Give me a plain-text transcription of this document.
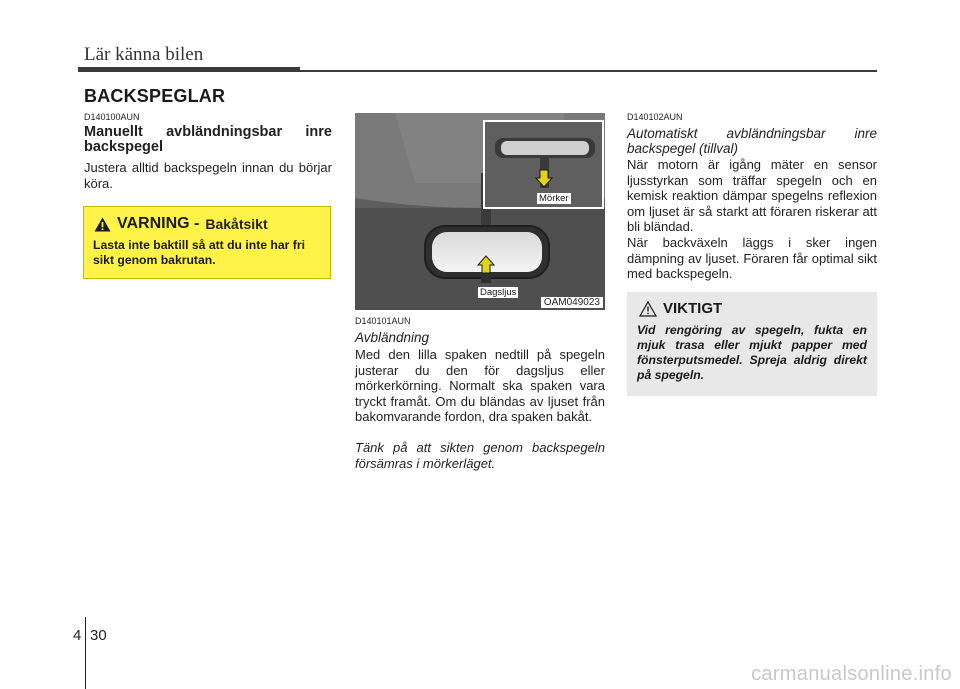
Lär känna bilen
BACKSPEGLAR
D140100AUN
Manuellt avbländningsbar inre backspegel
Justera alltid backspegeln innan du börjar köra.
VARNING - Bakåtsikt
Lasta inte baktill så att du inte har fri sikt genom bakrutan.
Mörker
Dagsljus
OAM049023
D140101AUN
Avbländning
Med den lilla spaken nedtill på spegeln justerar du den för dagsljus eller mörkerkörning. Normalt ska spaken vara tryckt framåt. Om du bländas av ljuset från bakomvarande fordon, dra spaken bakåt.
Tänk på att sikten genom backspegeln försämras i mörkerläget.
D140102AUN
Automatiskt avbländningsbar inre backspegel (tillval)
När motorn är igång mäter en sensor ljusstyrkan som träffar spegeln och en kemisk reaktion dämpar spegelns reflexion om ljuset är så starkt att föraren riskerar att bli bländad.
När backväxeln läggs i sker ingen dämpning av ljuset. Föraren får optimal sikt med backspegeln.
VIKTIGT
Vid rengöring av spegeln, fukta en mjuk trasa eller mjukt papper med fönsterputsmedel. Spreja aldrig direkt på spegeln.
4 30
carmanualsonline.info
